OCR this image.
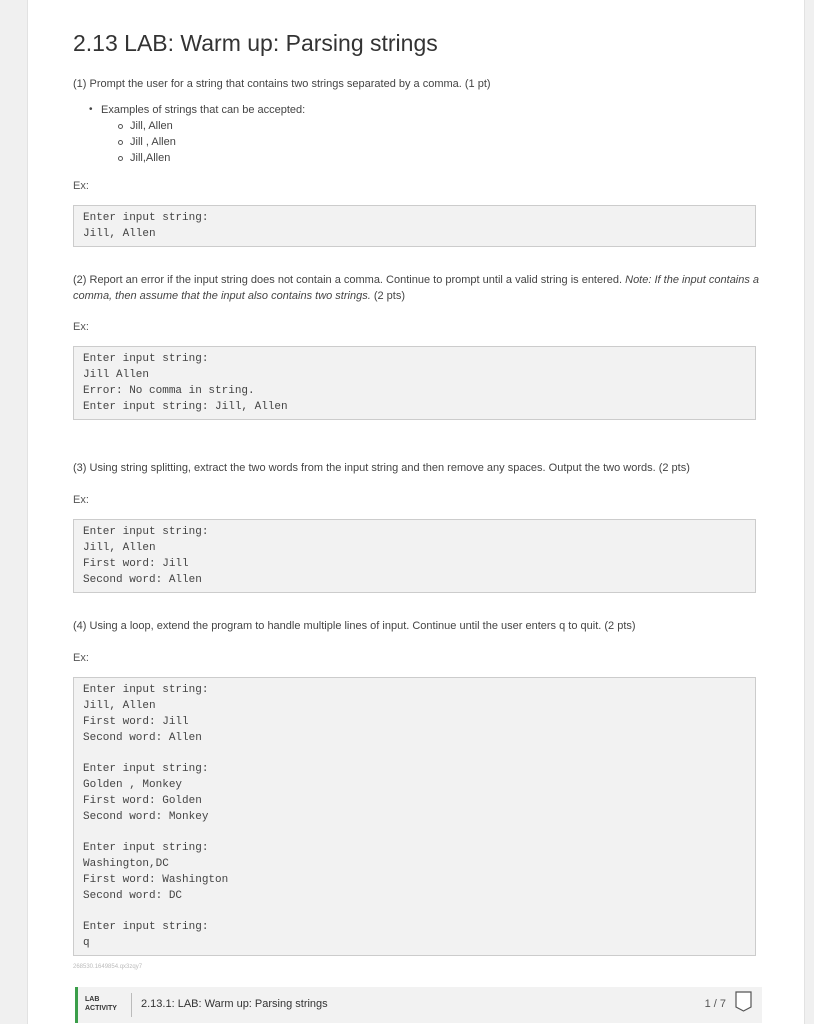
2.13 LAB: Warm up: Parsing strings

(1) Prompt the user for a string that contains two strings separated by a comma. (1 pt)

• Examples of strings that can be accepted:
Jill, Allen
Jill , Allen
Jill,Allen
Ex:
Enter input string:
Jill, Allen

(2) Report an error if the input string does not contain a comma. Continue to prompt until a valid string is entered. Note: If the input contains a comma, then assume that the input also contains two strings. (2 pts)

Ex:
Enter input string:
Jill Allen
Error: No comma in string.
Enter input string: Jill, Allen

(3) Using string splitting, extract the two words from the input string and then remove any spaces. Output the two words. (2 pts)

Ex:
Enter input string:
Jill, Allen
First word: Jill
Second word: Allen

(4) Using a loop, extend the program to handle multiple lines of input. Continue until the user enters q to quit. (2 pts)

Ex:
Enter input string:
Jill, Allen
First word: Jill
Second word: Allen
Enter input string:
Golden , Monkey
First word: Golden
Second word: Monkey
Enter input string:
Washington,DC
First word: Washington
Second word: DC
Enter input string:
q
268530.1649854.qx3zqy7
LAB
ACTIVITY 2.13.1: LAB: Warm up: Parsing strings	1 / 7
